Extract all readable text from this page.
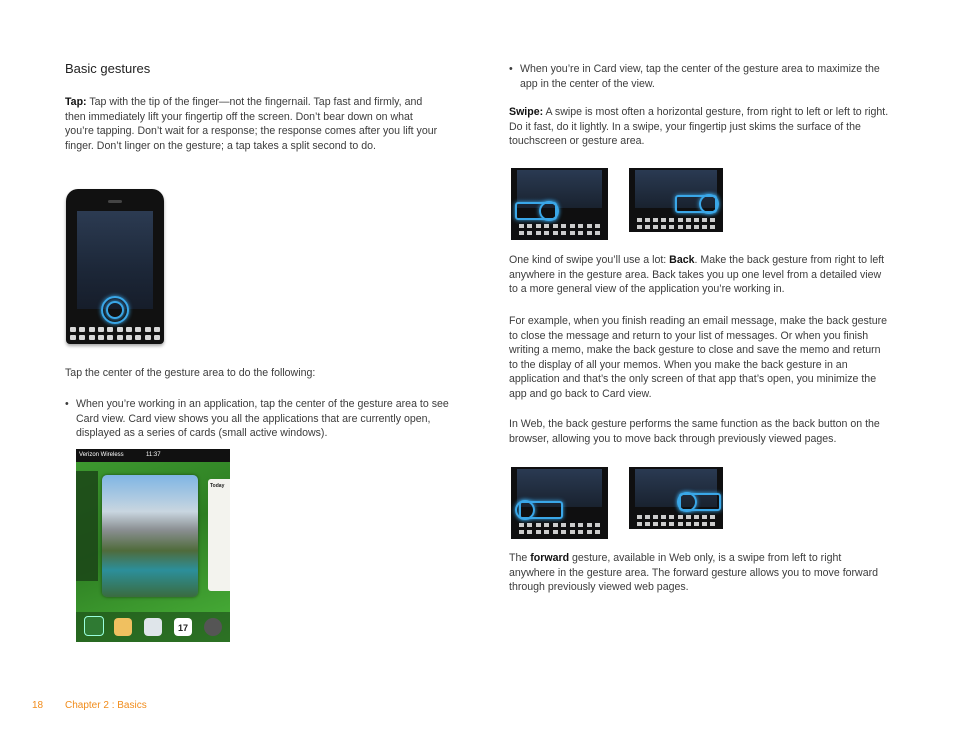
Basic gestures
Tap: Tap with the tip of the finger—not the fingernail. Tap fast and firmly, and then immediately lift your fingertip off the screen. Don’t bear down on what you’re tapping. Don’t wait for a response; the response comes after you lift your finger. Don’t linger on the gesture; a tap takes a split second to do.
Tap the center of the gesture area to do the following:
• When you’re working in an application, tap the center of the gesture area to see Card view. Card view shows you all the applications that are currently open, displayed as a series of cards (small active windows).
Verizon Wireless	11:37
Today
17
• When you’re in Card view, tap the center of the gesture area to maximize the app in the center of the view.
Swipe: A swipe is most often a horizontal gesture, from right to left or left to right. Do it fast, do it lightly. In a swipe, your fingertip just skims the surface of the touchscreen or gesture area.
One kind of swipe you’ll use a lot: Back. Make the back gesture from right to left anywhere in the gesture area. Back takes you up one level from a detailed view to a more general view of the application you’re working in.
For example, when you finish reading an email message, make the back gesture to close the message and return to your list of messages. Or when you finish writing a memo, make the back gesture to close and save the memo and return to the display of all your memos. When you make the back gesture in an application and that’s the only screen of that app that’s open, you minimize the app and go back to Card view.
In Web, the back gesture performs the same function as the back button on the browser, allowing you to move back through previously viewed pages.
The forward gesture, available in Web only, is a swipe from left to right anywhere in the gesture area. The forward gesture allows you to move forward through previously viewed web pages.
18 Chapter 2 : Basics
